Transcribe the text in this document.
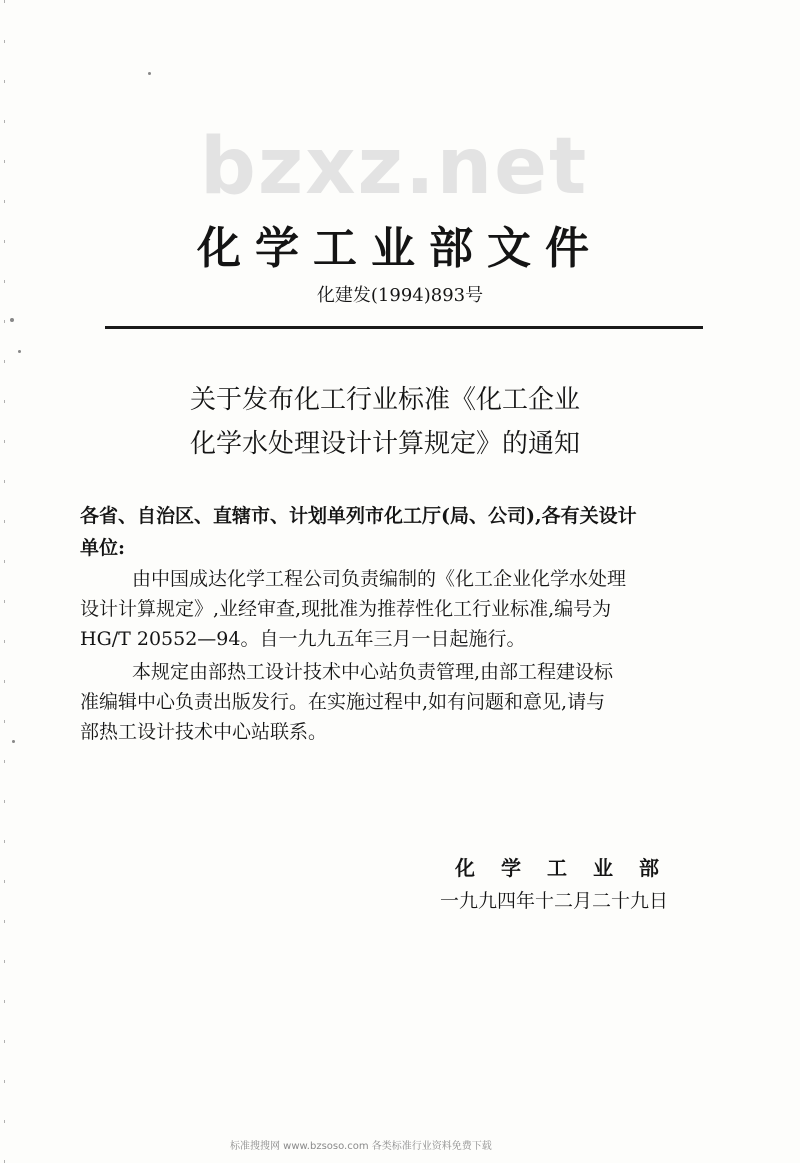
bzxz.net
化学工业部文件
化建发(1994)893号
关于发布化工行业标准《化工企业
化学水处理设计计算规定》的通知
各省、自治区、直辖市、计划单列市化工厅(局、公司),各有关设计
单位:
由中国成达化学工程公司负责编制的《化工企业化学水处理
设计计算规定》,业经审查,现批准为推荐性化工行业标准,编号为
HG/T 20552—94。自一九九五年三月一日起施行。
本规定由部热工设计技术中心站负责管理,由部工程建设标
准编辑中心负责出版发行。在实施过程中,如有问题和意见,请与
部热工设计技术中心站联系。
化学工业部
一九九四年十二月二十九日
标准搜搜网 www.bzsoso.com 各类标准行业资料免费下载
